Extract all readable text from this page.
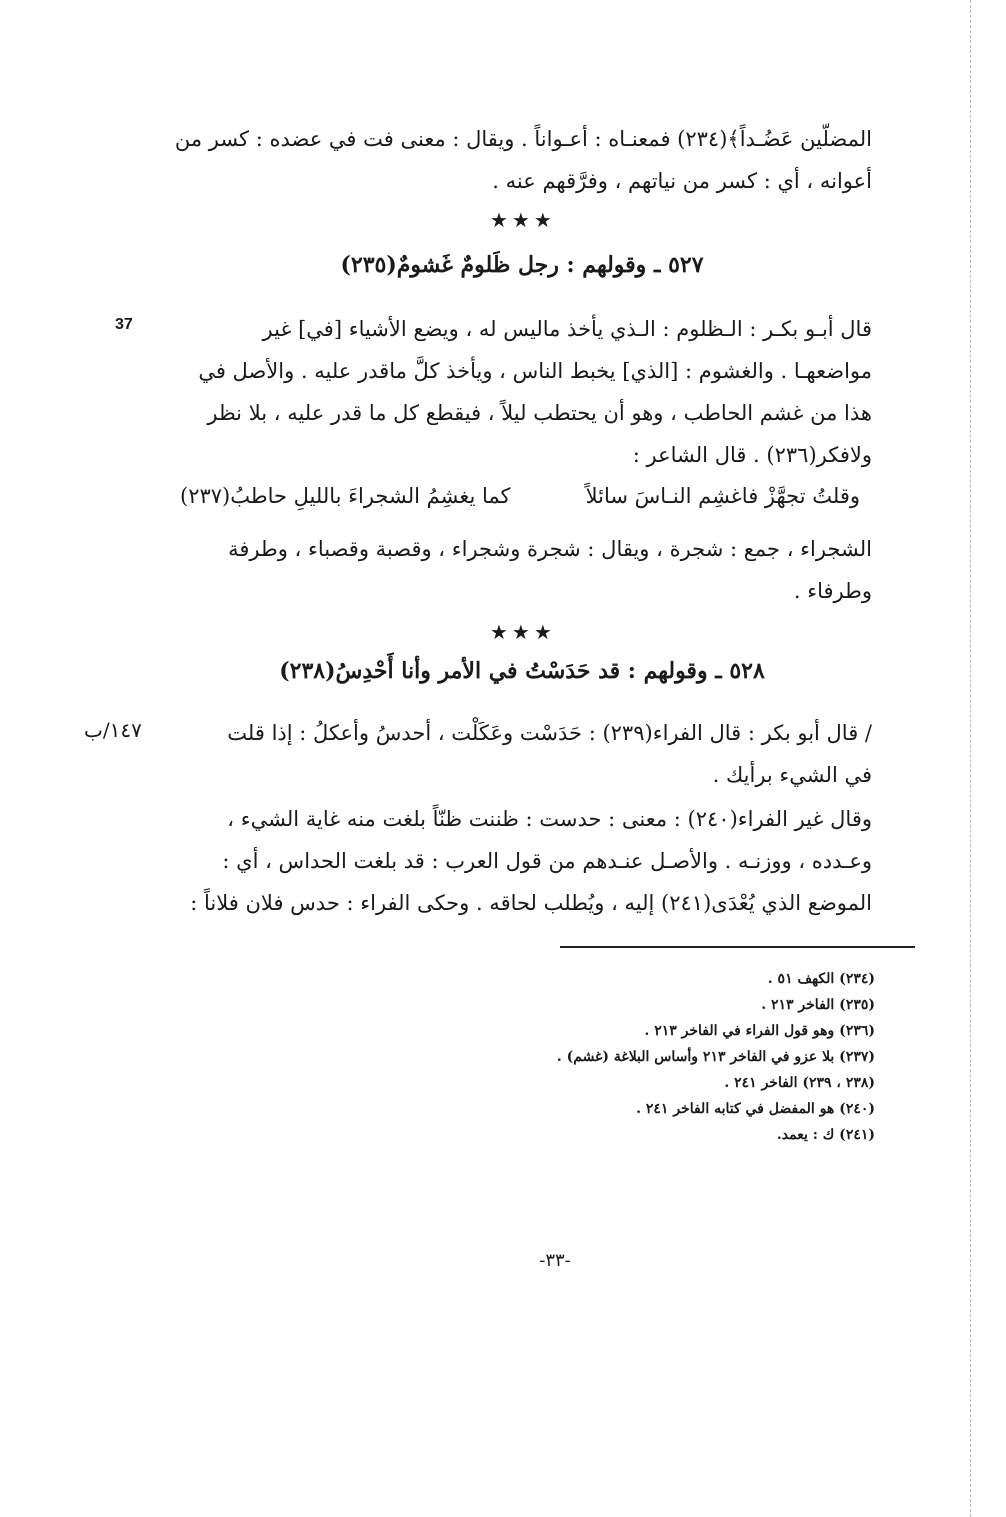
المضلّين عَضُـداً﴾(٢٣٤) فمعنـاه : أعـواناً . ويقال : معنى فت في عضده : كسر من
أعوانه ، أي : كسر من نياتهم ، وفرَّقهم عنه .
★★★
٥٢٧ ـ وقولهم : رجل ظَلومٌ غَشومٌ(٢٣٥)
37	قال أبـو بكـر : الـظلوم : الـذي يأخذ ماليس له ، ويضع الأشياء [في] غير
مواضعهـا . والغشوم : [الذي] يخبط الناس ، ويأخذ كلَّ ماقدر عليه . والأصل في
هذا من غشم الحاطب ، وهو أن يحتطب ليلاً ، فيقطع كل ما قدر عليه ، بلا نظر
ولافكر(٢٣٦) . قال الشاعر :
وقلتُ تجهَّزْ فاغشِم النـاسَ سائلاً
كما يغشِمُ الشجراءَ بالليلِ حاطبُ(٢٣٧)
الشجراء ، جمع : شجرة ، ويقال : شجرة وشجراء ، وقصبة وقصباء ، وطرفة
وطرفاء .
★★★
٥٢٨ ـ وقولهم : قد حَدَسْتُ في الأمر وأنا أَحْدِسُ(٢٣٨)
١٤٧/ب	/ قال أبو بكر : قال الفراء(٢٣٩) : حَدَسْت وعَكَلْت ، أحدسُ وأعكلُ : إذا قلت
في الشيء برأيك .
وقال غير الفراء(٢٤٠) : معنى : حدست : ظننت ظنّاً بلغت منه غاية الشيء ،
وعـدده ، ووزنـه . والأصـل عنـدهم من قول العرب : قد بلغت الحداس ، أي :
الموضع الذي يُعْدَى(٢٤١) إليه ، ويُطلب لحاقه . وحكى الفراء : حدس فلان فلاناً :
(٢٣٤) الكهف ٥١ .
(٢٣٥) الفاخر ٢١٣ .
(٢٣٦) وهو قول الفراء في الفاخر ٢١٣ .
(٢٣٧) بلا عزو في الفاخر ٢١٣ وأساس البلاغة (غشم) .
(٢٣٨ ، ٢٣٩) الفاخر ٢٤١ .
(٢٤٠) هو المفضل في كتابه الفاخر ٢٤١ .
(٢٤١) ك : يعمد.
-٣٣-
